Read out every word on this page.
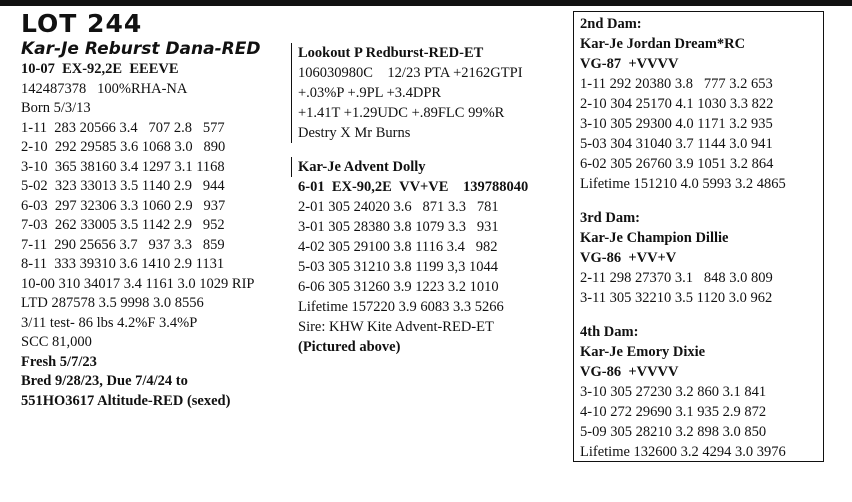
LOT 244
Kar-Je Reburst Dana-RED
10-07  EX-92,2E  EEEVE
142487378   100%RHA-NA
Born 5/3/13
1-11  283 20566 3.4   707 2.8   577
2-10  292 29585 3.6 1068 3.0   890
3-10  365 38160 3.4 1297 3.1 1168
5-02  323 33013 3.5 1140 2.9   944
6-03  297 32306 3.3 1060 2.9   937
7-03  262 33005 3.5 1142 2.9   952
7-11  290 25656 3.7   937 3.3   859
8-11  333 39310 3.6 1410 2.9 1131
10-00 310 34017 3.4 1161 3.0 1029 RIP
LTD 287578 3.5 9998 3.0 8556
3/11 test- 86 lbs 4.2%F 3.4%P
SCC 81,000
Fresh 5/7/23
Bred 9/28/23, Due 7/4/24 to
551HO3617 Altitude-RED (sexed)
Lookout P Redburst-RED-ET
106030980C    12/23 PTA +2162GTPI
+.03%P +.9PL +3.4DPR
+1.41T +1.29UDC +.89FLC 99%R
Destry X Mr Burns
Kar-Je Advent Dolly
6-01  EX-90,2E  VV+VE    139788040
2-01 305 24020 3.6   871 3.3   781
3-01 305 28380 3.8 1079 3.3   931
4-02 305 29100 3.8 1116 3.4   982
5-03 305 31210 3.8 1199 3,3 1044
6-06 305 31260 3.9 1223 3.2 1010
Lifetime 157220 3.9 6083 3.3 5266
Sire: KHW Kite Advent-RED-ET
(Pictured above)
2nd Dam:
Kar-Je Jordan Dream*RC
VG-87  +VVVV
1-11 292 20380 3.8   777 3.2 653
2-10 304 25170 4.1 1030 3.3 822
3-10 305 29300 4.0 1171 3.2 935
5-03 304 31040 3.7 1144 3.0 941
6-02 305 26760 3.9 1051 3.2 864
Lifetime 151210 4.0 5993 3.2 4865
3rd Dam:
Kar-Je Champion Dillie
VG-86  +VV+V
2-11 298 27370 3.1   848 3.0 809
3-11 305 32210 3.5 1120 3.0 962
4th Dam:
Kar-Je Emory Dixie
VG-86  +VVVV
3-10 305 27230 3.2 860 3.1 841
4-10 272 29690 3.1 935 2.9 872
5-09 305 28210 3.2 898 3.0 850
Lifetime 132600 3.2 4294 3.0 3976
